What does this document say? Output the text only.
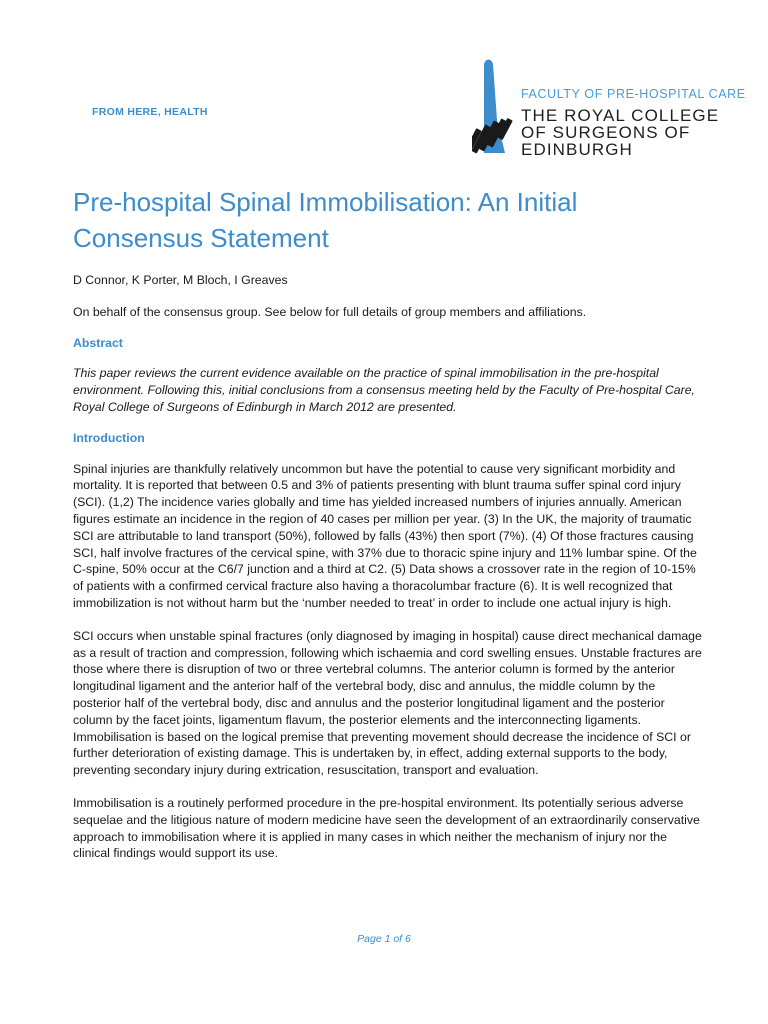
FROM HERE, HEALTH
FACULTY OF PRE-HOSPITAL CARE
THE ROYAL COLLEGE
OF SURGEONS OF
EDINBURGH
Pre-hospital Spinal Immobilisation: An Initial Consensus Statement

D Connor, K Porter, M Bloch, I Greaves

On behalf of the consensus group. See below for full details of group members and affiliations.

Abstract

This paper reviews the current evidence available on the practice of spinal immobilisation in the pre-hospital environment. Following this, initial conclusions from a consensus meeting held by the Faculty of Pre-hospital Care, Royal College of Surgeons of Edinburgh in March 2012 are presented.

Introduction

Spinal injuries are thankfully relatively uncommon but have the potential to cause very significant morbidity and mortality. It is reported that between 0.5 and 3% of patients presenting with blunt trauma suffer spinal cord injury (SCI). (1,2) The incidence varies globally and time has yielded increased numbers of injuries annually. American figures estimate an incidence in the region of 40 cases per million per year. (3) In the UK, the majority of traumatic SCI are attributable to land transport (50%), followed by falls (43%) then sport (7%). (4) Of those fractures causing SCI, half involve fractures of the cervical spine, with 37% due to thoracic spine injury and 11% lumbar spine. Of the C-spine, 50% occur at the C6/7 junction and a third at C2. (5) Data shows a crossover rate in the region of 10-15% of patients with a confirmed cervical fracture also having a thoracolumbar fracture (6). It is well recognized that immobilization is not without harm but the ‘number needed to treat’ in order to include one actual injury is high.

SCI occurs when unstable spinal fractures (only diagnosed by imaging in hospital) cause direct mechanical damage as a result of traction and compression, following which ischaemia and cord swelling ensues. Unstable fractures are those where there is disruption of two or three vertebral columns. The anterior column is formed by the anterior longitudinal ligament and the anterior half of the vertebral body, disc and annulus, the middle column by the posterior half of the vertebral body, disc and annulus and the posterior longitudinal ligament and the posterior column by the facet joints, ligamentum flavum, the posterior elements and the interconnecting ligaments. Immobilisation is based on the logical premise that preventing movement should decrease the incidence of SCI or further deterioration of existing damage. This is undertaken by, in effect, adding external supports to the body, preventing secondary injury during extrication, resuscitation, transport and evaluation.

Immobilisation is a routinely performed procedure in the pre-hospital environment. Its potentially serious adverse sequelae and the litigious nature of modern medicine have seen the development of an extraordinarily conservative approach to immobilisation where it is applied in many cases in which neither the mechanism of injury nor the clinical findings would support its use.

Page 1 of 6
